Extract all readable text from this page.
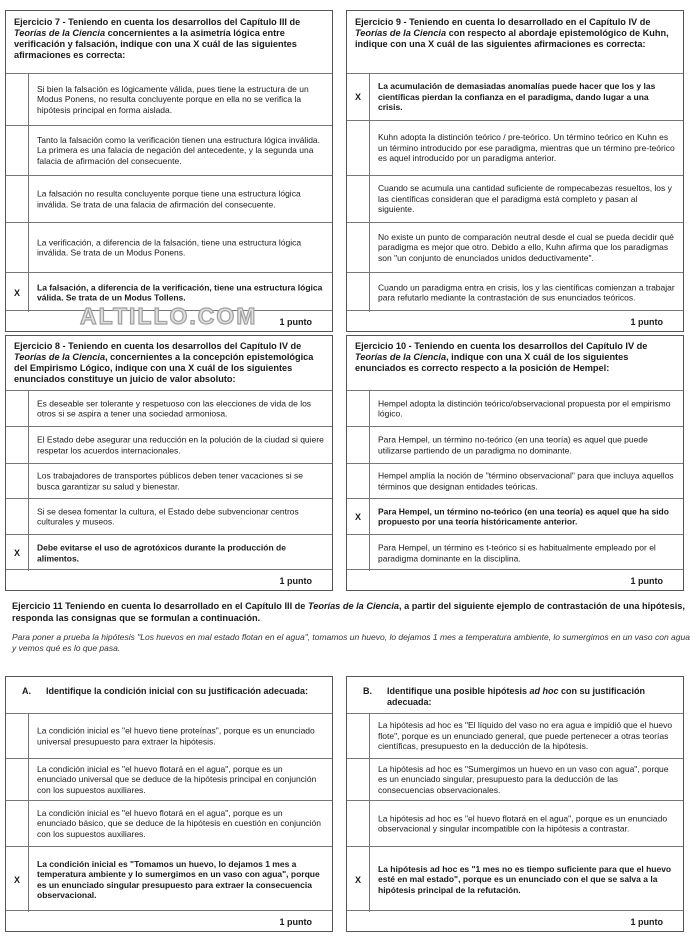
Ejercicio 7 - Teniendo en cuenta los desarrollos del Capítulo III de Teorías de la Ciencia concernientes a la asimetría lógica entre verificación y falsación, indique con una X cuál de las siguientes afirmaciones es correcta:
Si bien la falsación es lógicamente válida, pues tiene la estructura de un Modus Ponens, no resulta concluyente porque en ella no se verifica la hipótesis principal en forma aislada.
Tanto la falsación como la verificación tienen una estructura lógica inválida. La primera es una falacia de negación del antecedente, y la segunda una falacia de afirmación del consecuente.
La falsación no resulta concluyente porque tiene una estructura lógica inválida. Se trata de una falacia de afirmación del consecuente.
La verificación, a diferencia de la falsación, tiene una estructura lógica inválida. Se trata de un Modus Ponens.
X
La falsación, a diferencia de la verificación, tiene una estructura lógica válida. Se trata de un Modus Tollens.
1 punto
Ejercicio 9 - Teniendo en cuenta lo desarrollado en el Capítulo IV de Teorías de la Ciencia con respecto al abordaje epistemológico de Kuhn, indique con una X cuál de las siguientes afirmaciones es correcta:
X
La acumulación de demasiadas anomalías puede hacer que los y las científicas pierdan la confianza en el paradigma, dando lugar a una crisis.
Kuhn adopta la distinción teórico / pre-teórico. Un término teórico en Kuhn es un término introducido por ese paradigma, mientras que un término pre-teórico es aquel introducido por un paradigma anterior.
Cuando se acumula una cantidad suficiente de rompecabezas resueltos, los y las científicas consideran que el paradigma está completo y pasan al siguiente.
No existe un punto de comparación neutral desde el cual se pueda decidir qué paradigma es mejor que otro. Debido a ello, Kuhn afirma que los paradigmas son "un conjunto de enunciados unidos deductivamente".
Cuando un paradigma entra en crisis, los y las científicas comienzan a trabajar para refutarlo mediante la contrastación de sus enunciados teóricos.
1 punto
ALTILLO.COM
Ejercicio 8 - Teniendo en cuenta los desarrollos del Capítulo IV de Teorías de la Ciencia, concernientes a la concepción epistemológica del Empirismo Lógico, indique con una X cuál de los siguientes enunciados constituye un juicio de valor absoluto:
Es deseable ser tolerante y respetuoso con las elecciones de vida de los otros si se aspira a tener una sociedad armoniosa.
El Estado debe asegurar una reducción en la polución de la ciudad si quiere respetar los acuerdos internacionales.
Los trabajadores de transportes públicos deben tener vacaciones si se busca garantizar su salud y bienestar.
Si se desea fomentar la cultura, el Estado debe subvencionar centros culturales y museos.
X
Debe evitarse el uso de agrotóxicos durante la producción de alimentos.
1 punto
Ejercicio 10 - Teniendo en cuenta los desarrollos del Capítulo IV de Teorías de la Ciencia, indique con una X cuál de los siguientes enunciados es correcto respecto a la posición de Hempel:
Hempel adopta la distinción teórico/observacional propuesta por el empirismo lógico.
Para Hempel, un término no-teórico (en una teoría) es aquel que puede utilizarse partiendo de un paradigma no dominante.
Hempel amplía la noción de "término observacional" para que incluya aquellos términos que designan entidades teóricas.
X
Para Hempel, un término no-teórico (en una teoría) es aquel que ha sido propuesto por una teoría históricamente anterior.
Para Hempel, un término es t-teórico si es habitualmente empleado por el paradigma dominante en la disciplina.
1 punto
Ejercicio 11 Teniendo en cuenta lo desarrollado en el Capítulo III de Teorías de la Ciencia, a partir del siguiente ejemplo de contrastación de una hipótesis, responda las consignas que se formulan a continuación.
Para poner a prueba la hipótesis "Los huevos en mal estado flotan en el agua", tomamos un huevo, lo dejamos 1 mes a temperatura ambiente, lo sumergimos en un vaso con agua y vemos qué es lo que pasa.
A. Identifique la condición inicial con su justificación adecuada:
La condición inicial es "el huevo tiene proteínas", porque es un enunciado universal presupuesto para extraer la hipótesis.
La condición inicial es "el huevo flotará en el agua", porque es un enunciado universal que se deduce de la hipótesis principal en conjunción con los supuestos auxiliares.
La condición inicial es "el huevo flotará en el agua", porque es un enunciado básico, que se deduce de la hipótesis en cuestión en conjunción con los supuestos auxiliares.
X
La condición inicial es "Tomamos un huevo, lo dejamos 1 mes a temperatura ambiente y lo sumergimos en un vaso con agua", porque es un enunciado singular presupuesto para extraer la consecuencia observacional.
1 punto
B. Identifique una posible hipótesis ad hoc con su justificación adecuada:
La hipótesis ad hoc es "El líquido del vaso no era agua e impidió que el huevo flote", porque es un enunciado general, que puede pertenecer a otras teorías científicas, presupuesto en la deducción de la hipótesis.
La hipótesis ad hoc es "Sumergimos un huevo en un vaso con agua", porque es un enunciado singular, presupuesto para la deducción de las consecuencias observacionales.
La hipótesis ad hoc es "el huevo flotará en el agua", porque es un enunciado observacional y singular incompatible con la hipótesis a contrastar.
X
La hipótesis ad hoc es "1 mes no es tiempo suficiente para que el huevo esté en mal estado", porque es un enunciado con el que se salva a la hipótesis principal de la refutación.
1 punto
